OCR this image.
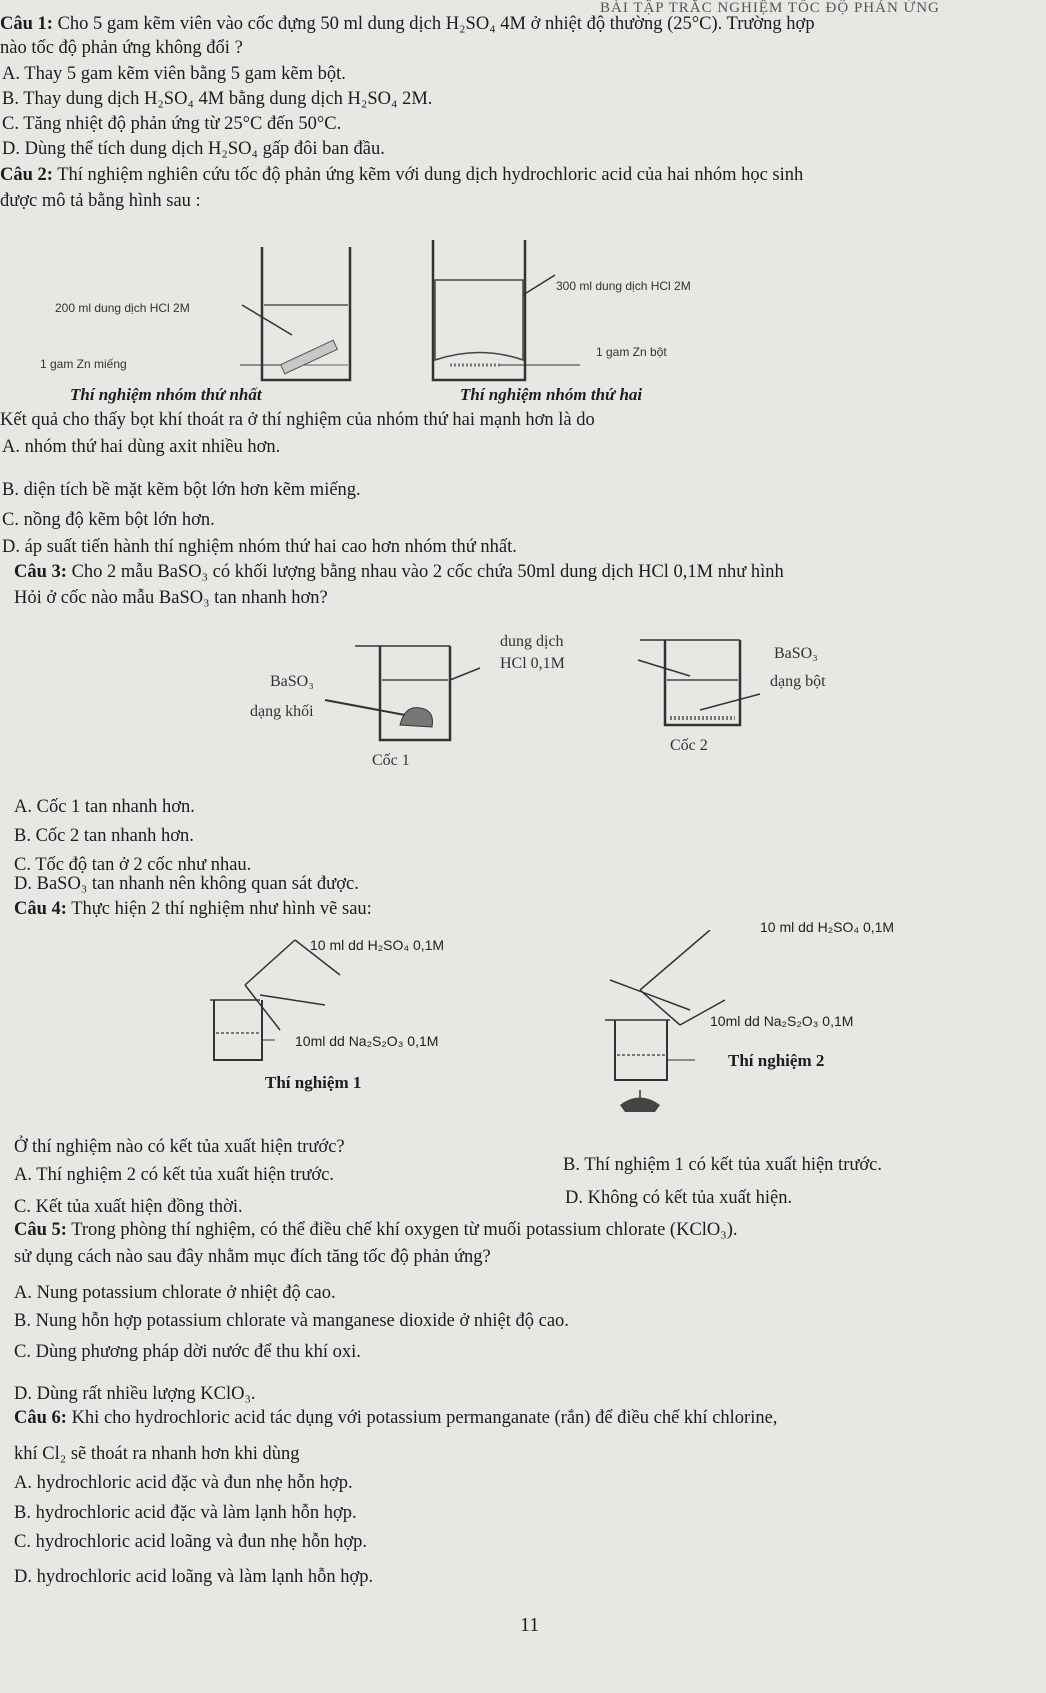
BÀI TẬP TRẮC NGHIỆM TỐC ĐỘ PHẢN ỨNG
Câu 1: Cho 5 gam kẽm viên vào cốc đựng 50 ml dung dịch H₂SO₄ 4M ở nhiệt độ thường (25°C). Trường hợp
nào tốc độ phản ứng không đổi ?
A. Thay 5 gam kẽm viên bằng 5 gam kẽm bột.
B. Thay dung dịch H₂SO₄ 4M bằng dung dịch H₂SO₄ 2M.
C. Tăng nhiệt độ phản ứng từ 25°C đến 50°C.
D. Dùng thể tích dung dịch H₂SO₄ gấp đôi ban đầu.
Câu 2: Thí nghiệm nghiên cứu tốc độ phản ứng kẽm với dung dịch hydrochloric acid của hai nhóm học sinh
được mô tả bằng hình sau :
200 ml dung dịch HCl 2M
1 gam Zn miếng
Thí nghiệm nhóm thứ nhất
300 ml dung dịch HCl 2M
1 gam Zn bột
Thí nghiệm nhóm thứ hai
Kết quả cho thấy bọt khí thoát ra ở thí nghiệm của nhóm thứ hai mạnh hơn là do
A. nhóm thứ hai dùng axit nhiều hơn.
B. diện tích bề mặt kẽm bột lớn hơn kẽm miếng.
C. nồng độ kẽm bột lớn hơn.
D. áp suất tiến hành thí nghiệm nhóm thứ hai cao hơn nhóm thứ nhất.
Câu 3: Cho 2 mẫu BaSO₃ có khối lượng bằng nhau vào 2 cốc chứa 50ml dung dịch HCl 0,1M như hình
Hỏi ở cốc nào mẫu BaSO₃ tan nhanh hơn?
dung dịch
HCl 0,1M
BaSO₃
dạng khối
Cốc 1
BaSO₃
dạng bột
Cốc 2
A. Cốc 1 tan nhanh hơn.
B. Cốc 2 tan nhanh hơn.
C. Tốc độ tan ở 2 cốc như nhau.
D. BaSO₃ tan nhanh nên không quan sát được.
Câu 4: Thực hiện 2 thí nghiệm như hình vẽ sau:
10 ml dd H₂SO₄ 0,1M
10ml dd Na₂S₂O₃ 0,1M
Thí nghiệm 1
10 ml dd H₂SO₄ 0,1M
10ml dd Na₂S₂O₃ 0,1M
Thí nghiệm 2
Ở thí nghiệm nào có kết tủa xuất hiện trước?
A. Thí nghiệm 2 có kết tủa xuất hiện trước.	B. Thí nghiệm 1 có kết tủa xuất hiện trước.
C. Kết tủa xuất hiện đồng thời.	D. Không có kết tủa xuất hiện.
Câu 5: Trong phòng thí nghiệm, có thể điều chế khí oxygen từ muối potassium chlorate (KClO₃).
sử dụng cách nào sau đây nhằm mục đích tăng tốc độ phản ứng?
A. Nung potassium chlorate ở nhiệt độ cao.
B. Nung hỗn hợp potassium chlorate và manganese dioxide ở nhiệt độ cao.
C. Dùng phương pháp dời nước để thu khí oxi.
D. Dùng rất nhiều lượng KClO₃.
Câu 6: Khi cho hydrochloric acid tác dụng với potassium permanganate (rắn) để điều chế khí chlorine,
khí Cl₂ sẽ thoát ra nhanh hơn khi dùng
A. hydrochloric acid đặc và đun nhẹ hỗn hợp.
B. hydrochloric acid đặc và làm lạnh hỗn hợp.
C. hydrochloric acid loãng và đun nhẹ hỗn hợp.
D. hydrochloric acid loãng và làm lạnh hỗn hợp.
11
